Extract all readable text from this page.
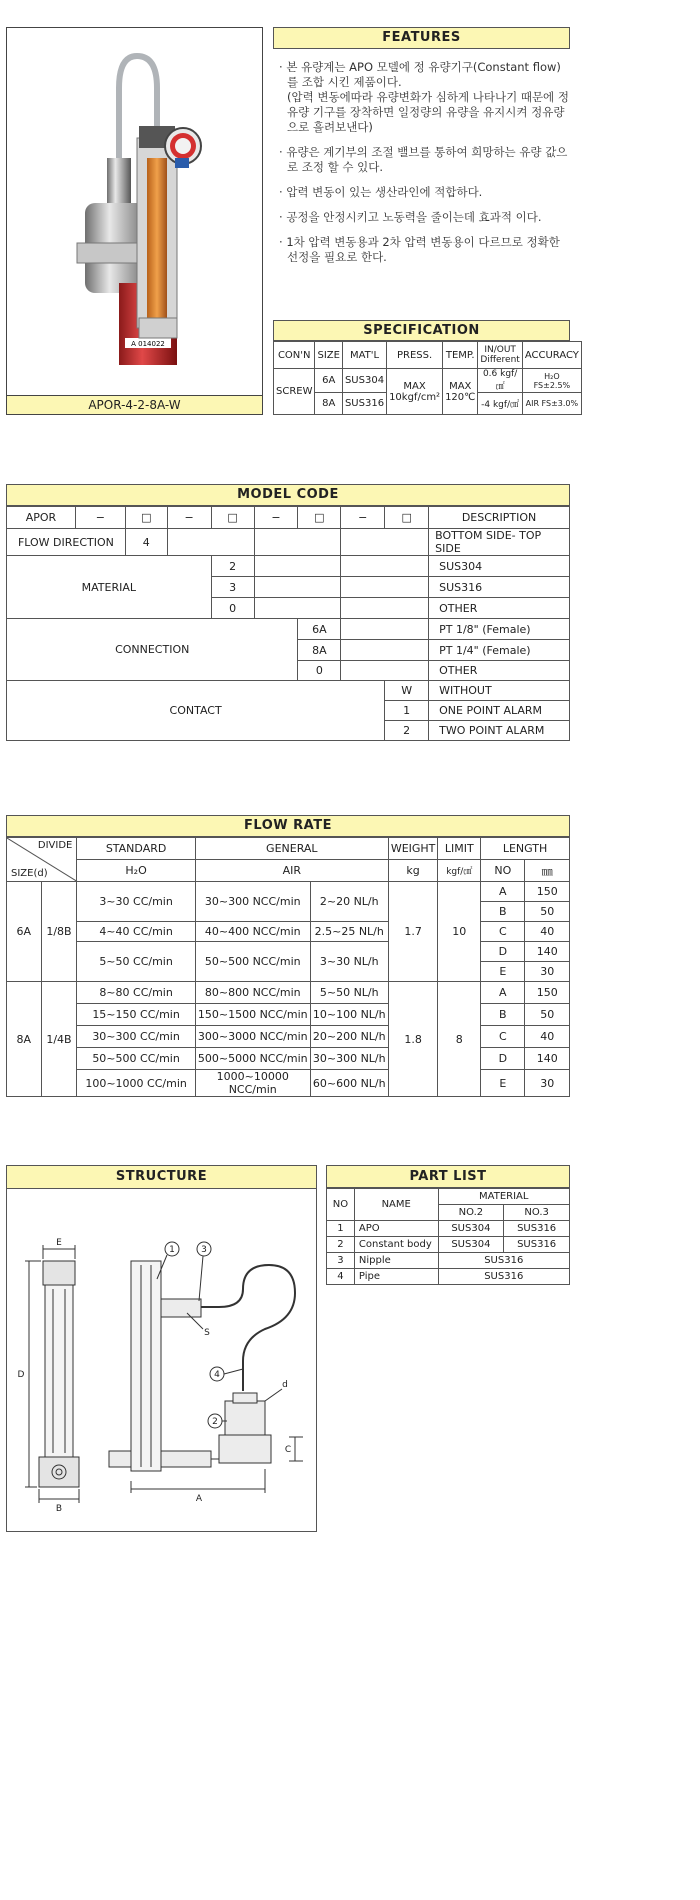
A 014022
APOR-4-2-8A-W
FEATURES
· 본 유량계는 APO 모델에 정 유량기구(Constant flow)를 조합 시킨 제품이다.
(압력 변동에따라 유량변화가 심하게 나타나기 때문에 정유량 기구를 장착하면 일정량의 유량을 유지시켜 정유량으로 흘려보낸다)
· 유량은 계기부의 조절 밸브를 통하여 희망하는 유량 값으로 조정 할 수 있다.
· 압력 변동이 있는 생산라인에 적합하다.
· 공정을 안정시키고 노동력을 줄이는데 효과적 이다.
· 1차 압력 변동용과 2차 압력 변동용이 다르므로 정확한 선정을 필요로 한다.
SPECIFICATION
CON'N	SIZE	MAT'L	PRESS.	TEMP.	IN/OUT Different	ACCURACY
SCREW	6A	SUS304	MAX 10kgf/cm²	MAX 120℃	0.6 kgf/㎠	H₂O FS±2.5%
	8A	SUS316			-4 kgf/㎠	AIR FS±3.0%
MODEL CODE
APOR	−	□	−	□	−	□	−	□	DESCRIPTION
FLOW DIRECTION		4							BOTTOM SIDE- TOP SIDE
MATERIAL				2					SUS304
				3					SUS316
				0					OTHER
CONNECTION						6A			PT 1/8" (Female)
						8A			PT 1/4" (Female)
						0			OTHER
CONTACT								W	WITHOUT
								1	ONE POINT ALARM
								2	TWO POINT ALARM
FLOW RATE
DIVIDE
SIZE(d)		STANDARD	GENERAL		WEIGHT	LIMIT	LENGTH	
		H₂O	AIR		kg	kgf/㎠	NO	㎜
6A	1/8B	3~30 CC/min	30~300 NCC/min	2~20 NL/h	1.7	10	A	150
							B	50
		4~40 CC/min	40~400 NCC/min	2.5~25 NL/h			C	40
		5~50 CC/min	50~500 NCC/min	3~30 NL/h			D	140
							E	30
8A	1/4B	8~80 CC/min	80~800 NCC/min	5~50 NL/h	1.8	8	A	150
		15~150 CC/min	150~1500 NCC/min	10~100 NL/h			B	50
		30~300 CC/min	300~3000 NCC/min	20~200 NL/h			C	40
		50~500 CC/min	500~5000 NCC/min	30~300 NL/h			D	140
		100~1000 CC/min	1000~10000 NCC/min	60~600 NL/h			E	30
STRUCTURE
E
D
B
A
C
S
d
1
2
3
4
PART LIST
NO	NAME	MATERIAL	
		NO.2	NO.3
1	APO	SUS304	SUS316
2	Constant body	SUS304	SUS316
3	Nipple	SUS316	
4	Pipe	SUS316	
